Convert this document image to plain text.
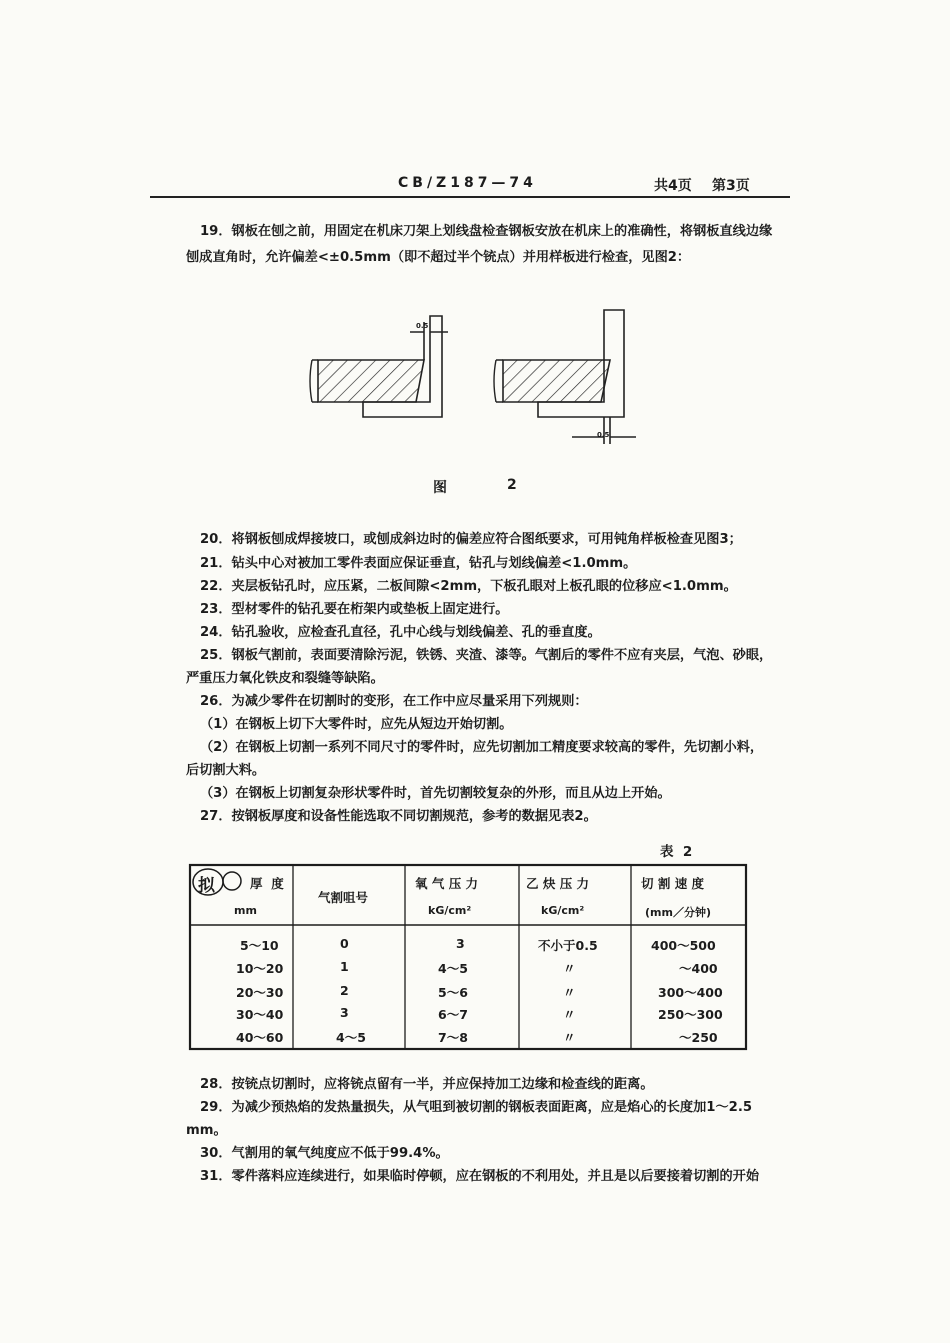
CB/Z187—74	共4页 第3页
19．钢板在刨之前，用固定在机床刀架上划线盘检查钢板安放在机床上的准确性，将钢板直线边缘
刨成直角时，允许偏差<±0.5mm（即不超过半个铳点）并用样板进行检查，见图2：
0.5
0.5
图	2
20．将钢板刨成焊接坡口，或刨成斜边时的偏差应符合图纸要求，可用钝角样板检查见图3；
21．钻头中心对被加工零件表面应保证垂直，钻孔与划线偏差<1.0mm。
22．夹层板钻孔时，应压紧，二板间隙<2mm，下板孔眼对上板孔眼的位移应<1.0mm。
23．型材零件的钻孔要在桁架内或垫板上固定进行。
24．钻孔验收，应检查孔直径，孔中心线与划线偏差、孔的垂直度。
25．钢板气割前，表面要清除污泥，铁锈、夹渣、漆等。气割后的零件不应有夹层，气泡、砂眼，
严重压力氧化铁皮和裂缝等缺陷。
26．为减少零件在切割时的变形，在工作中应尽量采用下列规则：
（1）在钢板上切下大零件时，应先从短边开始切割。
（2）在钢板上切割一系列不同尺寸的零件时，应先切割加工精度要求较高的零件，先切割小料，
后切割大料。
（3）在钢板上切割复杂形状零件时，首先切割较复杂的外形，而且从边上开始。
27．按钢板厚度和设备性能选取不同切割规范，参考的数据见表2。
表  2
拟	厚  度
mm
气割咀号
氧 气 压 力
kG/cm²
乙 炔 压 力
kG/cm²
切 割 速 度
(mm／分钟)
5～10	0	3	不小于0.5	400～500
10～20	1	4～5	〃	～400
20～30	2	5～6	〃	300～400
30～40	3	6～7	〃	250～300
40～60	4～5	7～8	〃	～250
28．按铳点切割时，应将铳点留有一半，并应保持加工边缘和检查线的距离。
29．为减少预热焰的发热量损失，从气咀到被切割的钢板表面距离，应是焰心的长度加1～2.5
mm。
30．气割用的氧气纯度应不低于99.4%。
31．零件落料应连续进行，如果临时停顿，应在钢板的不利用处，并且是以后要接着切割的开始
